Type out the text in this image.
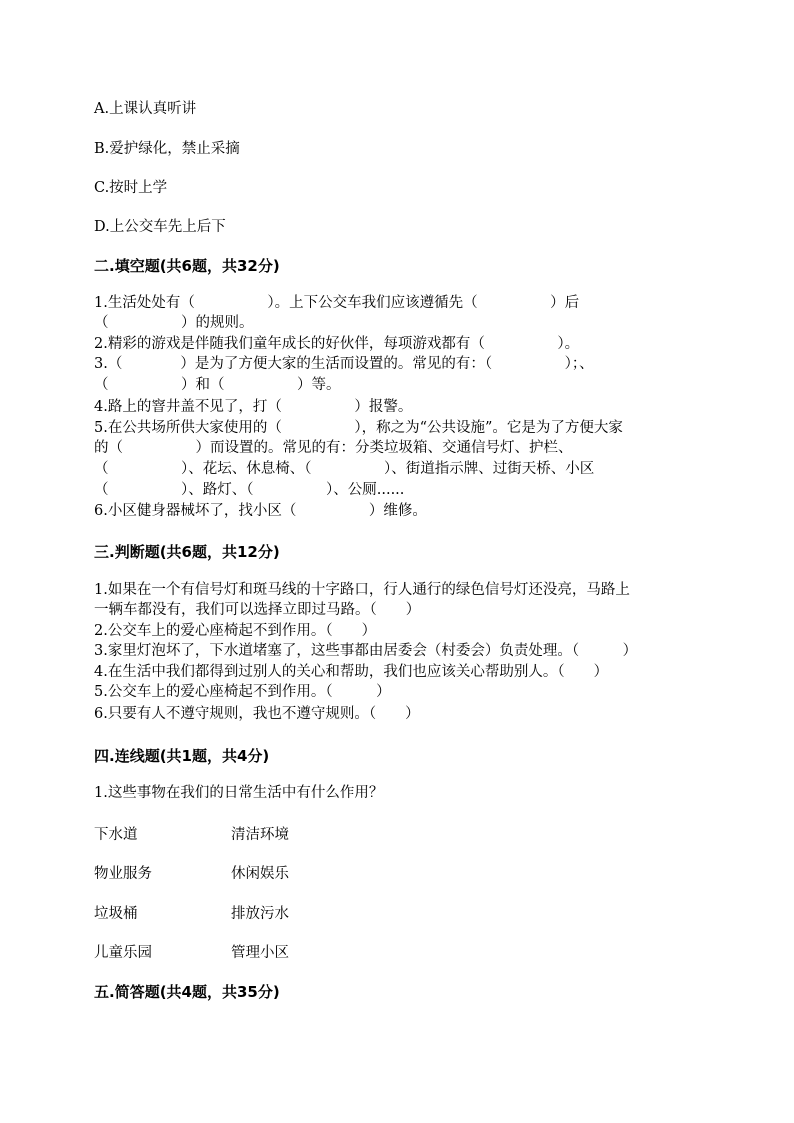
A.上课认真听讲
B.爱护绿化，禁止采摘
C.按时上学
D.上公交车先上后下
二.填空题(共6题，共32分)
1.生活处处有（　　　　　）。上下公交车我们应该遵循先（　　　　　）后
（　　　　　）的规则。
2.精彩的游戏是伴随我们童年成长的好伙伴，每项游戏都有（　　　　　）。
3.（　　　　）是为了方便大家的生活而设置的。常见的有：（　　　　　）；、
（　　　　　）和（　　　　　）等。
4.路上的窨井盖不见了，打（　　　　　）报警。
5.在公共场所供大家使用的（　　　　　），称之为“公共设施”。它是为了方便大家
的（　　　　　）而设置的。常见的有：分类垃圾箱、交通信号灯、护栏、
（　　　　　）、花坛、休息椅、（　　　　　）、街道指示牌、过街天桥、小区
（　　　　　）、路灯、（　　　　　）、公厕......
6.小区健身器械坏了，找小区（　　　　　）维修。
三.判断题(共6题，共12分)
1.如果在一个有信号灯和斑马线的十字路口，行人通行的绿色信号灯还没亮，马路上
一辆车都没有，我们可以选择立即过马路。（　　）
2.公交车上的爱心座椅起不到作用。（　　）
3.家里灯泡坏了，下水道堵塞了，这些事都由居委会（村委会）负责处理。（　　　）
4.在生活中我们都得到过别人的关心和帮助，我们也应该关心帮助别人。（　　）
5.公交车上的爱心座椅起不到作用。（　　　）
6.只要有人不遵守规则，我也不遵守规则。（　　）
四.连线题(共1题，共4分)
1.这些事物在我们的日常生活中有什么作用？
下水道	清洁环境
物业服务	休闲娱乐
垃圾桶	排放污水
儿童乐园	管理小区
五.简答题(共4题，共35分)
